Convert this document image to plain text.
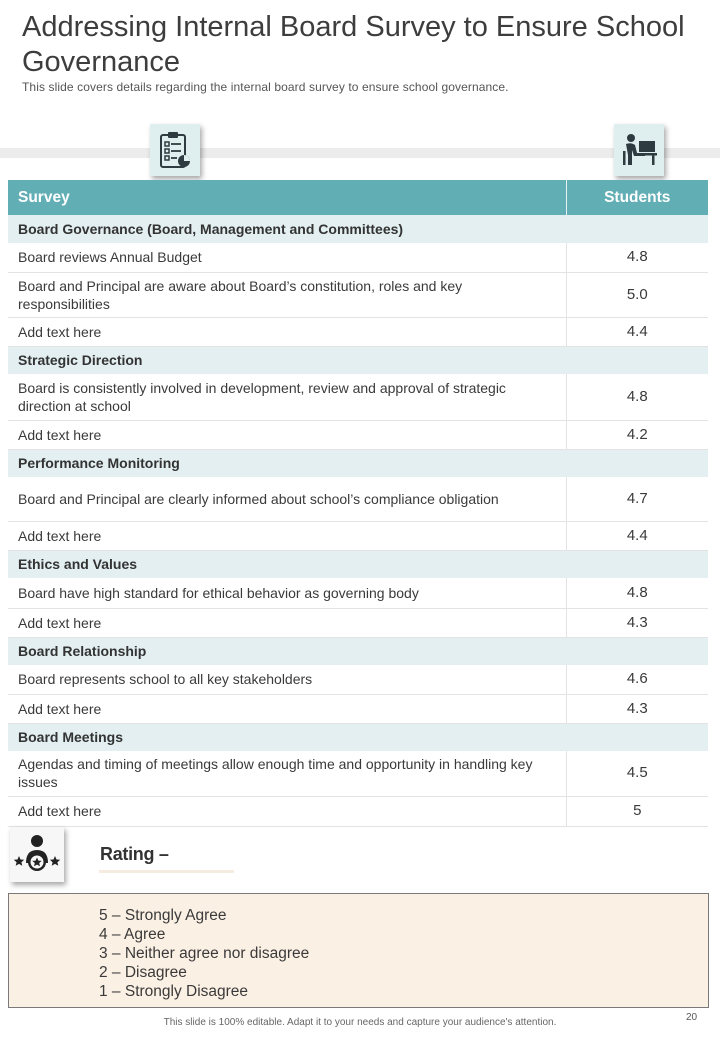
Addressing Internal Board Survey to Ensure School Governance
This slide covers details regarding the internal board survey to ensure school governance.
Survey	Students
Board Governance (Board, Management and Committees)	
Board reviews Annual Budget	4.8
Board and Principal are aware about Board’s constitution, roles and key responsibilities	5.0
Add text here	4.4
Strategic Direction	
Board is consistently involved in development, review and approval of strategic direction at school	4.8
Add text here	4.2
Performance Monitoring	
Board and Principal are clearly informed about school’s compliance obligation	4.7
Add text here	4.4
Ethics and Values	
Board have high standard for ethical behavior as governing body	4.8
Add text here	4.3
Board Relationship	
Board represents school to all key stakeholders	4.6
Add text here	4.3
Board Meetings	
Agendas and timing of meetings allow enough time and opportunity in handling key issues	4.5
Add text here	5
Rating –
5 – Strongly Agree
4 – Agree
3 – Neither agree nor disagree
2 – Disagree
1 – Strongly Disagree
This slide is 100% editable. Adapt it to your needs and capture your audience's attention.	20
